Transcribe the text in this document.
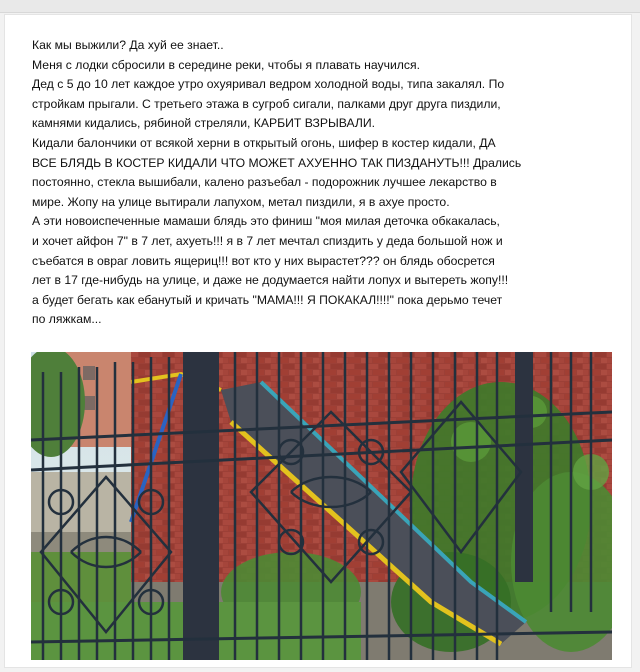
Как мы выжили? Да хуй ее знает..
Меня с лодки сбросили в середине реки, чтобы я плавать научился.
Дед с 5 до 10 лет каждое утро охуяривал ведром холодной воды, типа закалял. По
стройкам прыгали. С третьего этажа в сугроб сигали, палками друг друга пиздили,
камнями кидались, рябиной стреляли, КАРБИТ ВЗРЫВАЛИ.
Кидали балончики от всякой херни в открытый огонь, шифер в костер кидали, ДА
ВСЕ БЛЯДЬ В КОСТЕР КИДАЛИ ЧТО МОЖЕТ АХУЕННО ТАК ПИЗДАНУТЬ!!! Дрались
постоянно, стекла вышибали, калено разъебал - подорожник лучшее лекарство в
мире. Жопу на улице вытирали лапухом, метал пиздили, я в ахуе просто.
А эти новоиспеченные мамаши блядь это финиш "моя милая деточка обкакалась,
и хочет айфон 7" в 7 лет, ахуеть!!! я в 7 лет мечтал спиздить у деда большой нож и
съебатся в овраг ловить ящериц!!! вот кто у них вырастет??? он блядь обосрется
лет в 17 где-нибудь на улице, и даже не додумается найти лопух и вытереть жопу!!!
а будет бегать как ебанутый и кричать "МАМА!!! Я ПОКАКАЛ!!!!" пока дерьмо течет
по ляжкам...
